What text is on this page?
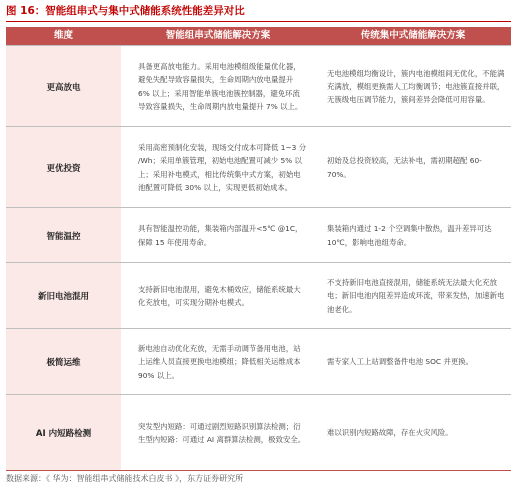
图 16：智能组串式与集中式储能系统性能差异对比
维度	智能组串式储能解决方案	传统集中式储能解决方案
更高放电
具备更高放电能力。采用电池模组级能量优化器，避免失配导致容量损失，生命周期内放电量提升 6% 以上；采用智能单簇电池簇控制器，避免环流导致容量损失，生命周期内放电量提升 7% 以上。
无电池模组均衡设计，簇内电池模组间无优化，不能满充满放，模组更换需人工均衡调节；电池簇直接并联，无簇级电压调节能力，簇间差异会降低可用容量。
更优投资
采用高密预制化安装，现场交付成本可降低 1~3 分 /Wh；采用单簇管理，初始电池配置可减少 5% 以上；采用补电模式，相比传统集中式方案，初始电池配置可降低 30% 以上，实现更低初始成本。
初始及总投资较高，无法补电，需初期超配 60-70%。
智能温控
具有智能温控功能，集装箱内部温升<5℃ @1C，保障 15 年使用寿命。
集装箱内通过 1-2 个空调集中散热，温升差异可达 10℃，影响电池组寿命。
新旧电池混用
支持新旧电池混用，避免木桶效应，储能系统最大化充放电，可实现分期补电模式。
不支持新旧电池直接混用，储能系统无法最大化充放电；新旧电池内阻差异造成环流，带来发热，加速新电池老化。
极简运维
新电池自动优化充放，无需手动调节备用电池，站上运维人员直接更换电池模组；降低相关运维成本 90% 以上。
需专家人工上站调整备件电池 SOC 并更换。
AI 内短路检测
突发型内短路：可通过剧烈短路识别算法检测；衍生型内短路：可通过 AI 离群算法检测，极致安全。
难以识别内短路故障，存在火灾风险。
数据来源：《 华为：智能组串式储能技术白皮书 》，东方证券研究所
